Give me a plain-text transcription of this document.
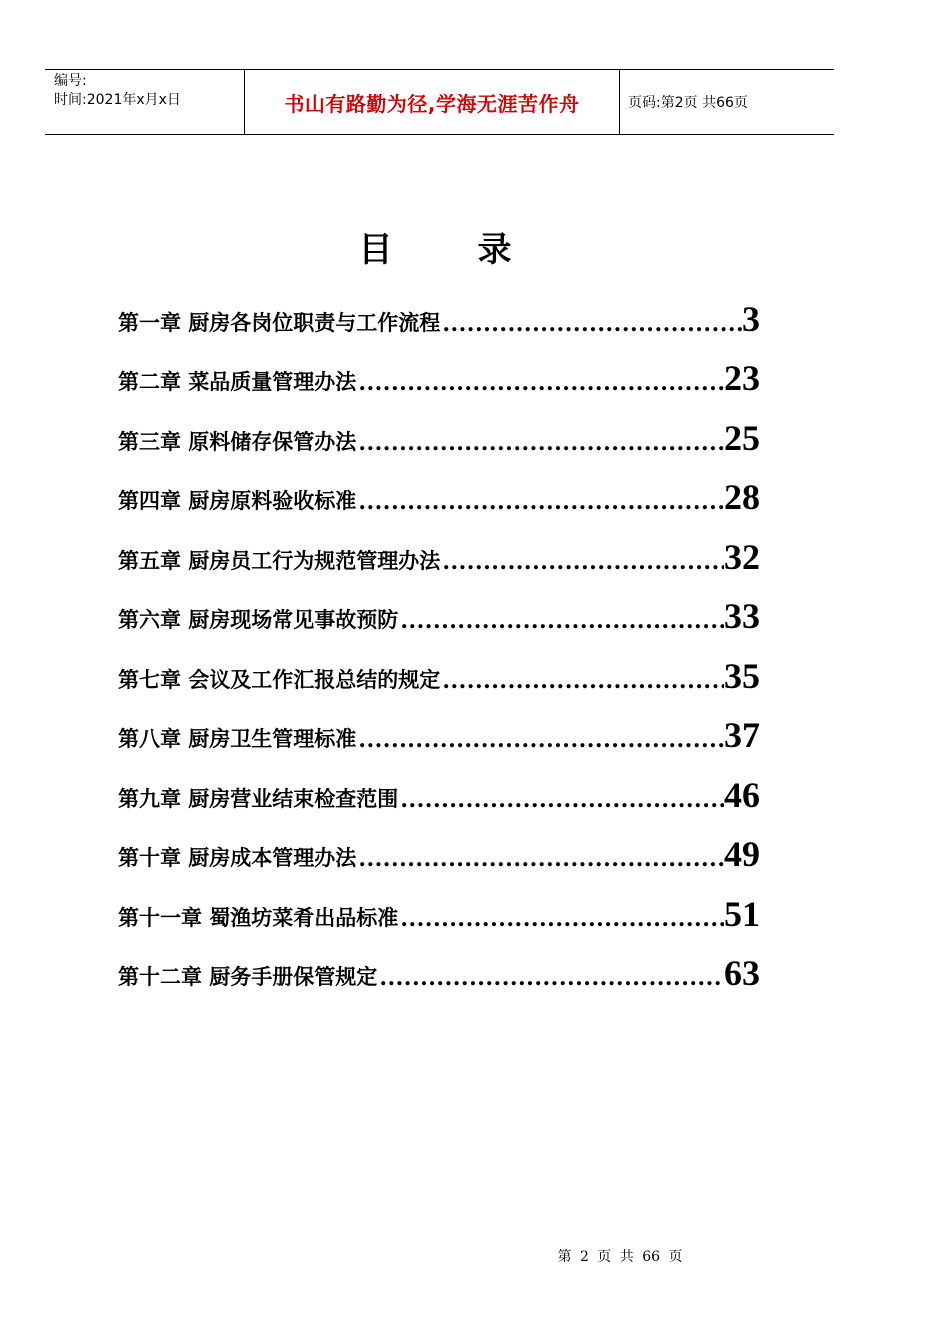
编号:
时间:2021年x月x日	书山有路勤为径,学海无涯苦作舟	页码:第2页 共66页
目录
第一章 厨房各岗位职责与工作流程 .....	3
第二章 菜品质量管理办法 .....	23
第三章 原料储存保管办法 .....	25
第四章 厨房原料验收标准 .....	28
第五章 厨房员工行为规范管理办法 .....	32
第六章 厨房现场常见事故预防 .....	33
第七章 会议及工作汇报总结的规定 .....	35
第八章 厨房卫生管理标准 .....	37
第九章 厨房营业结束检查范围 .....	46
第十章 厨房成本管理办法 .....	49
第十一章 蜀渔坊菜肴出品标准 .....	51
第十二章 厨务手册保管规定 .....	63
第 2 页 共 66 页
